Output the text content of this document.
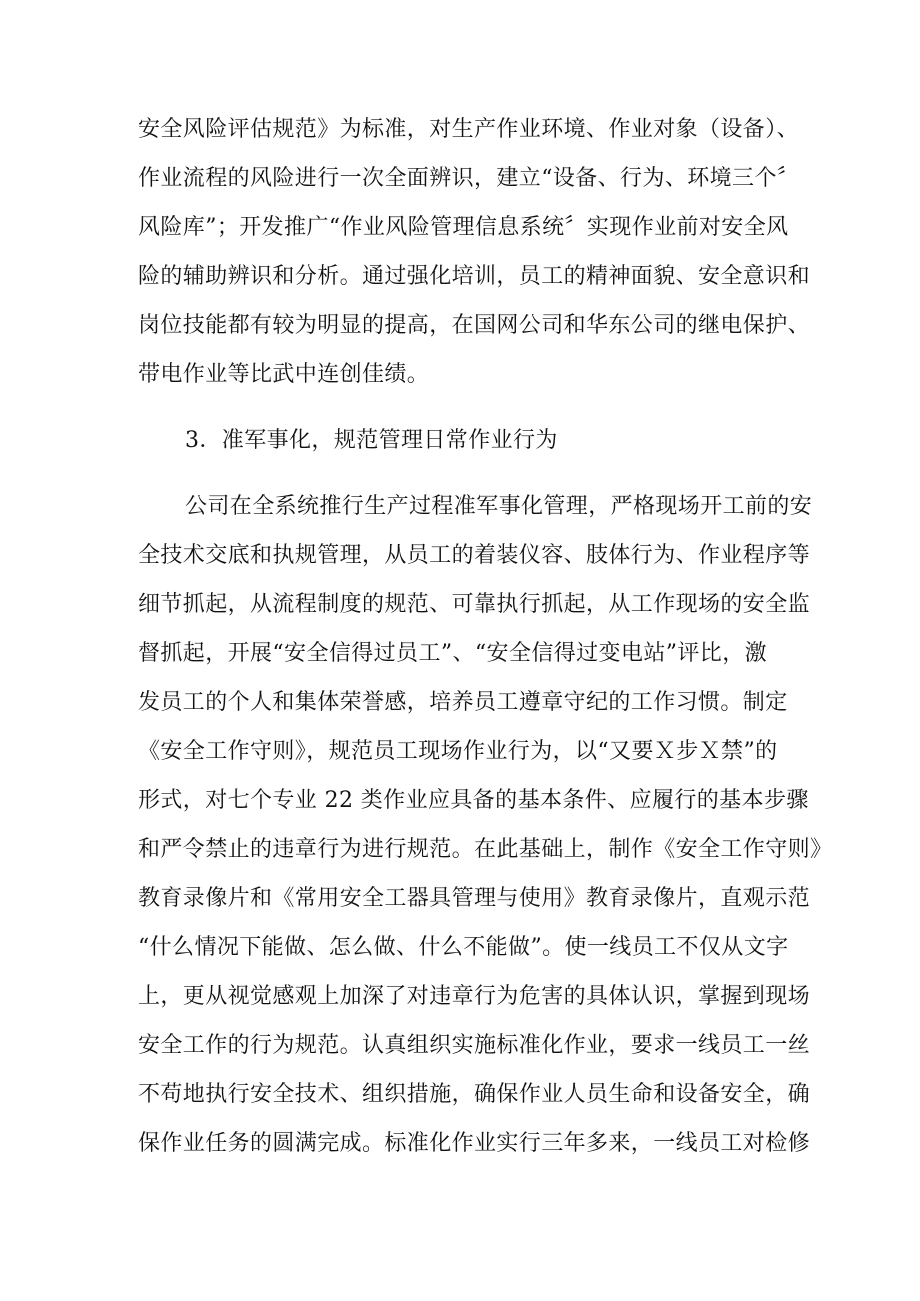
安全风险评估规范》为标准，对生产作业环境、作业对象（设备）、
作业流程的风险进行一次全面辨识，建立“设备、行为、环境三个〞
风险库”；开发推广“作业风险管理信息系统〞实现作业前对安全风
险的辅助辨识和分析。通过强化培训，员工的精神面貌、安全意识和
岗位技能都有较为明显的提高，在国网公司和华东公司的继电保护、
带电作业等比武中连创佳绩。
3．准军事化，规范管理日常作业行为
公司在全系统推行生产过程准军事化管理，严格现场开工前的安
全技术交底和执规管理，从员工的着装仪容、肢体行为、作业程序等
细节抓起，从流程制度的规范、可靠执行抓起，从工作现场的安全监
督抓起，开展“安全信得过员工”、“安全信得过变电站”评比，激
发员工的个人和集体荣誉感，培养员工遵章守纪的工作习惯。制定
《安全工作守则》，规范员工现场作业行为，以“又要Ｘ步Ｘ禁”的
形式，对七个专业 22 类作业应具备的基本条件、应履行的基本步骤
和严令禁止的违章行为进行规范。在此基础上，制作《安全工作守则》
教育录像片和《常用安全工器具管理与使用》教育录像片，直观示范
“什么情况下能做、怎么做、什么不能做”。使一线员工不仅从文字
上，更从视觉感观上加深了对违章行为危害的具体认识，掌握到现场
安全工作的行为规范。认真组织实施标准化作业，要求一线员工一丝
不苟地执行安全技术、组织措施，确保作业人员生命和设备安全，确
保作业任务的圆满完成。标准化作业实行三年多来，一线员工对检修
